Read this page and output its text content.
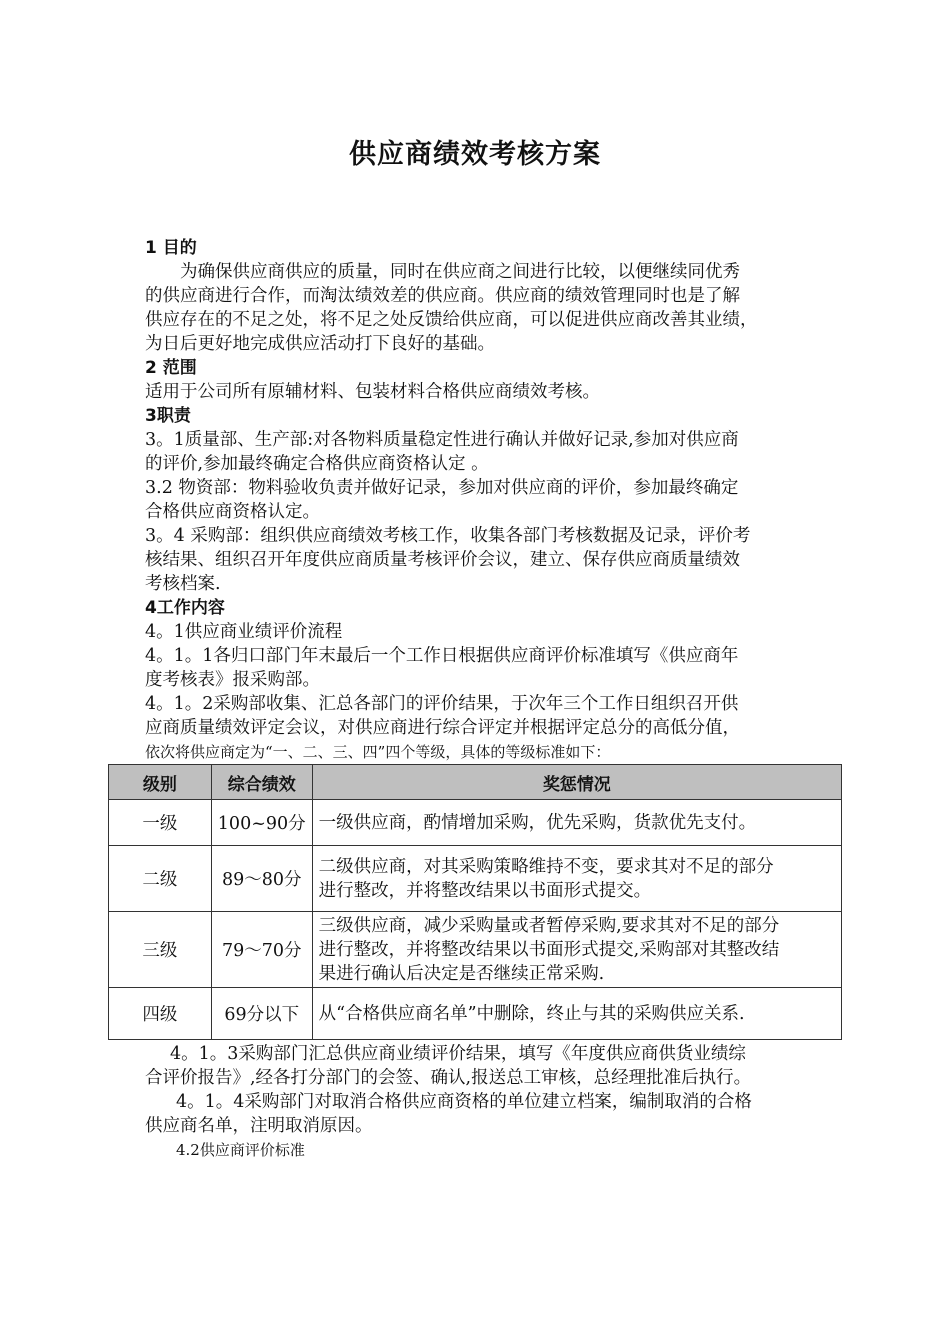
供应商绩效考核方案
1 目的
为确保供应商供应的质量，同时在供应商之间进行比较，以便继续同优秀
的供应商进行合作，而淘汰绩效差的供应商。供应商的绩效管理同时也是了解
供应存在的不足之处，将不足之处反馈给供应商，可以促进供应商改善其业绩，
为日后更好地完成供应活动打下良好的基础。
2 范围
适用于公司所有原辅材料、包装材料合格供应商绩效考核。
3职责
3。1质量部、生产部:对各物料质量稳定性进行确认并做好记录,参加对供应商
的评价,参加最终确定合格供应商资格认定 。
3.2 物资部：物料验收负责并做好记录，参加对供应商的评价，参加最终确定
合格供应商资格认定。
3。4 采购部：组织供应商绩效考核工作，收集各部门考核数据及记录，评价考
核结果、组织召开年度供应商质量考核评价会议，建立、保存供应商质量绩效
考核档案.
4工作内容
4。1供应商业绩评价流程
4。1。1各归口部门年末最后一个工作日根据供应商评价标准填写《供应商年
度考核表》报采购部。
4。1。2采购部收集、汇总各部门的评价结果，于次年三个工作日组织召开供
应商质量绩效评定会议，对供应商进行综合评定并根据评定总分的高低分值，
依次将供应商定为“一、二、三、四”四个等级，具体的等级标准如下：
级别	综合绩效	奖惩情况
一级	100~90分	一级供应商，酌情增加采购，优先采购，货款优先支付。

二级	89～80分	二级供应商，对其采购策略维持不变，要求其对不足的部分
进行整改，并将整改结果以书面形式提交。

三级	79～70分	三级供应商，减少采购量或者暂停采购,要求其对不足的部分
进行整改，并将整改结果以书面形式提交,采购部对其整改结
果进行确认后决定是否继续正常采购.

四级	69分以下	从“合格供应商名单”中删除，终止与其的采购供应关系.
4。1。3采购部门汇总供应商业绩评价结果，填写《年度供应商供货业绩综
合评价报告》,经各打分部门的会签、确认,报送总工审核，总经理批准后执行。
4。1。4采购部门对取消合格供应商资格的单位建立档案，编制取消的合格
供应商名单，注明取消原因。
4.2供应商评价标准
